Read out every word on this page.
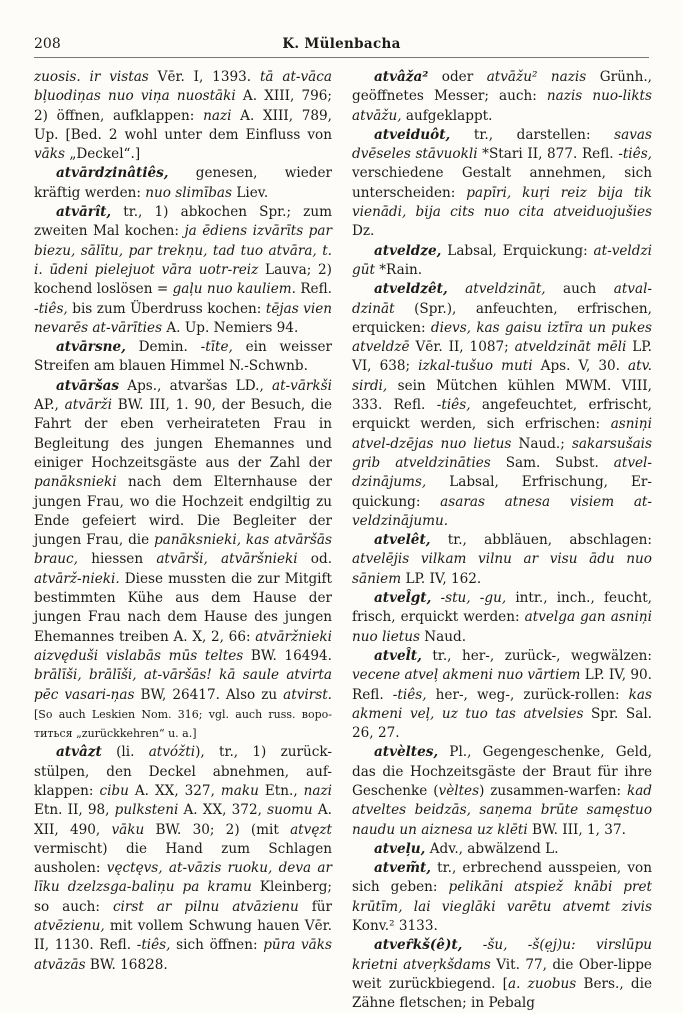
208	K. Mülenbacha

zuosis. ir vistas Vēr. I, 1393. tā at-vāca bļuodiņas nuo viņa nuostāki A. XIII, 796; 2) öffnen, aufklappen: nazi A. XIII, 789, Up. [Bed. 2 wohl unter dem Einfluss von vāks „Deckel“.]

atvārdzinâtiês, genesen, wieder kräftig werden: nuo slimības Liev.

atvārît, tr., 1) abkochen Spr.; zum zweiten Mal kochen: ja ēdiens izvārīts par biezu, sālītu, par trekņu, tad tuo atvāra, t. i. ūdeni pielejuot vāra uotr-reiz Lauva; 2) kochend loslösen = gaļu nuo kauliem. Refl. -tiês, bis zum Überdruss kochen: tējas vien nevarēs at-vārīties A. Up. Nemiers 94.

atvārsne, Demin. -tīte, ein weisser Streifen am blauen Himmel N.-Schwnb.

atvāršas Aps., atvaršas LD., at-vārkši AP., atvārži BW. III, 1. 90, der Besuch, die Fahrt der eben verheirateten Frau in Begleitung des jungen Ehemannes und einiger Hochzeitsgäste aus der Zahl der panāksnieki nach dem Elternhause der jungen Frau, wo die Hochzeit endgiltig zu Ende gefeiert wird. Die Begleiter der jungen Frau, die panāksnieki, kas atvāršās brauc, hiessen atvārši, atvāršnieki od. atvārž-nieki. Diese mussten die zur Mitgift bestimmten Kühe aus dem Hause der jungen Frau nach dem Hause des jungen Ehemannes treiben A. X, 2, 66: atvāržnieki aizvęduši vislabās mūs teltes BW. 16494. brālīši, brālīši, at-vāršās! kā saule atvirta pēc vasari-ņas BW, 26417. Also zu atvirst. [So auch Leskien Nom. 316; vgl. auch russ. воро-титься „zurückkehren“ u. a.]

atvâzt (li. atvóžti), tr., 1) zurück-stülpen, den Deckel abnehmen, auf-klappen: cibu A. XX, 327, maku Etn., nazi Etn. II, 98, pulksteni A. XX, 372, suomu A. XII, 490, vāku BW. 30; 2) (mit atvęzt vermischt) die Hand zum Schlagen ausholen: vęctęvs, at-vāzis ruoku, deva ar līku dzelzsga-baliņu pa kramu Kleinberg; so auch: cirst ar pilnu atvāzienu für atvēzienu, mit vollem Schwung hauen Vēr. II, 1130. Refl. -tiês, sich öffnen: pūra vāks atvāzās BW. 16828.

atvâža² oder atvāžu² nazis Grünh., geöffnetes Messer; auch: nazis nuo-likts atvāžu, aufgeklappt.

atveiduôt, tr., darstellen: savas dvēseles stāvuokli *Stari II, 877. Refl. -tiês, verschiedene Gestalt annehmen, sich unterscheiden: papīri, kuŗi reiz bija tik vienādi, bija cits nuo cita atveiduojušies Dz.

atveldze, Labsal, Erquickung: at-veldzi gūt *Rain.

atveldzêt, atveldzināt, auch atval-dzināt (Spr.), anfeuchten, erfrischen, erquicken: dievs, kas gaisu iztīra un pukes atveldzē Vēr. II, 1087; atveldzināt mēli LP. VI, 638; izkal-tušuo muti Aps. V, 30. atv. sirdi, sein Mütchen kühlen MWM. VIII, 333. Refl. -tiês, angefeuchtet, erfrischt, erquickt werden, sich erfrischen: asniņi atvel-dzējas nuo lietus Naud.; sakarsušais grib atveldzināties Sam. Subst. atvel-dzinājums, Labsal, Erfrischung, Er-quickung: asaras atnesa visiem at-veldzinājumu.

atvelêt, tr., abbläuen, abschlagen: atvelējis vilkam vilnu ar visu ādu nuo sāniem LP. IV, 162.

atvel̂gt, -stu, -gu, intr., inch., feucht, frisch, erquickt werden: atvelga gan asniņi nuo lietus Naud.

atvel̂t, tr., her-, zurück-, wegwälzen: vecene atveļ akmeni nuo vārtiem LP. IV, 90. Refl. -tiês, her-, weg-, zurück-rollen: kas akmeni veļ, uz tuo tas atvelsies Spr. Sal. 26, 27.

atvèltes, Pl., Gegengeschenke, Geld, das die Hochzeitsgäste der Braut für ihre Geschenke (vèltes) zusammen-warfen: kad atveltes beidzās, saņema brūte samęstuo naudu un aiznesa uz klēti BW. III, 1, 37.

atveļu, Adv., abwälzend L.

atvem̃t, tr., erbrechend ausspeien, von sich geben: pelikāni atspiež knābi pret krūtīm, lai vieglāki varētu atvemt zivis Konv.² 3133.

atveȓkš(ê)t, -šu, -š(ẹj)u: virslūpu krietni atveŗkšdams Vit. 77, die Ober-lippe weit zurückbiegend. [a. zuobus Bers., die Zähne fletschen; in Pebalg
